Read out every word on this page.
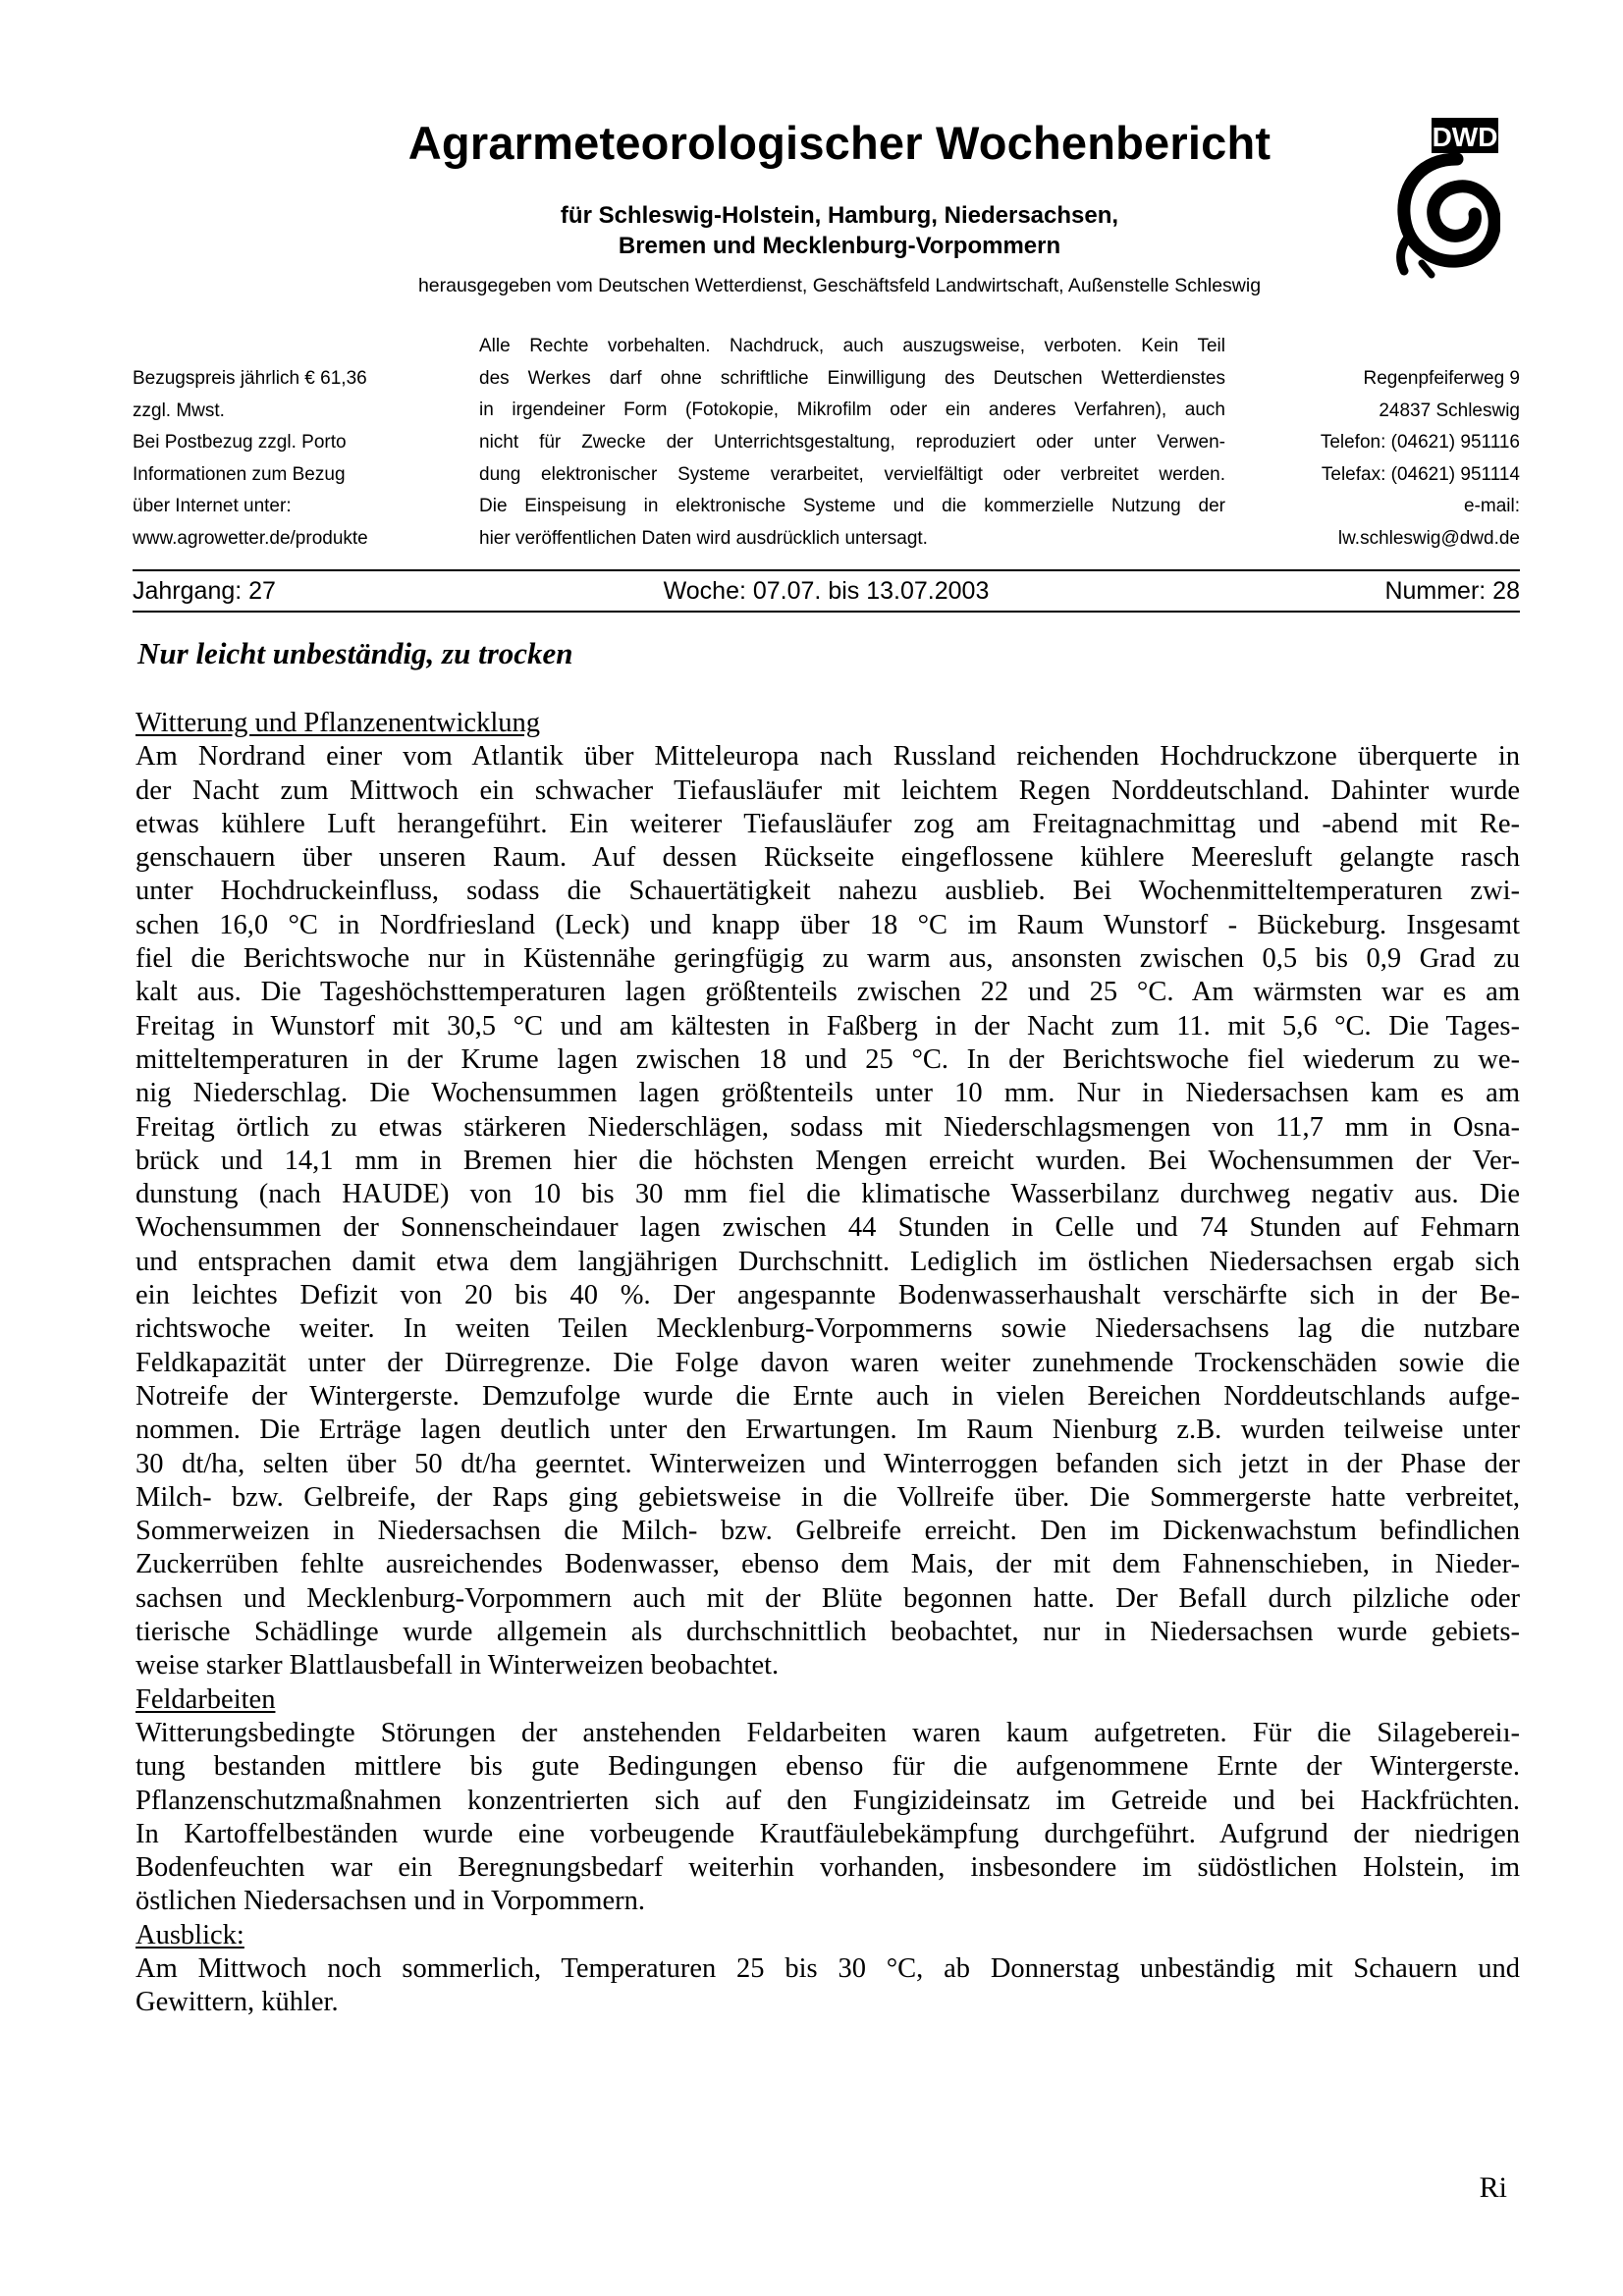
Agrarmeteorologischer Wochenbericht
für Schleswig-Holstein, Hamburg, Niedersachsen,
Bremen und Mecklenburg-Vorpommern
herausgegeben vom Deutschen Wetterdienst, Geschäftsfeld Landwirtschaft, Außenstelle Schleswig
DWD
Bezugspreis jährlich € 61,36
zzgl. Mwst.
Bei Postbezug zzgl. Porto
Informationen zum Bezug
über Internet unter:
www.agrowetter.de/produkte
Alle Rechte vorbehalten. Nachdruck, auch auszugsweise, verboten. Kein Teil
des Werkes darf ohne schriftliche Einwilligung des Deutschen Wetterdienstes
in irgendeiner Form (Fotokopie, Mikrofilm oder ein anderes Verfahren), auch
nicht für Zwecke der Unterrichtsgestaltung, reproduziert oder unter Verwen-
dung elektronischer Systeme verarbeitet, vervielfältigt oder verbreitet werden.
Die Einspeisung in elektronische Systeme und die kommerzielle Nutzung der
hier veröffentlichen Daten wird ausdrücklich untersagt.
Regenpfeiferweg 9
24837 Schleswig
Telefon: (04621) 951116
Telefax: (04621) 951114
e-mail:
lw.schleswig@dwd.de
Woche: 07.07. bis 13.07.2003
Jahrgang: 27	Nummer: 28
Nur leicht unbeständig, zu trocken
Witterung und Pflanzenentwicklung
Am Nordrand einer vom Atlantik über Mitteleuropa nach Russland reichenden Hochdruckzone überquerte in
der Nacht zum Mittwoch ein schwacher Tiefausläufer mit leichtem Regen Norddeutschland. Dahinter wurde
etwas kühlere Luft herangeführt. Ein weiterer Tiefausläufer zog am Freitagnachmittag und -abend mit Re-
genschauern über unseren Raum. Auf dessen Rückseite eingeflossene kühlere Meeresluft gelangte rasch
unter Hochdruckeinfluss, sodass die Schauertätigkeit nahezu ausblieb. Bei Wochenmitteltemperaturen zwi-
schen 16,0 °C in Nordfriesland (Leck) und knapp über 18 °C im Raum Wunstorf - Bückeburg. Insgesamt
fiel die Berichtswoche nur in Küstennähe geringfügig zu warm aus, ansonsten zwischen 0,5 bis 0,9 Grad zu
kalt aus. Die Tageshöchsttemperaturen lagen größtenteils zwischen 22 und 25 °C. Am wärmsten war es am
Freitag in Wunstorf mit 30,5 °C und am kältesten in Faßberg in der Nacht zum 11. mit 5,6 °C. Die Tages-
mitteltemperaturen in der Krume lagen zwischen 18 und 25 °C. In der Berichtswoche fiel wiederum zu we-
nig Niederschlag. Die Wochensummen lagen größtenteils unter 10 mm. Nur in Niedersachsen kam es am
Freitag örtlich zu etwas stärkeren Niederschlägen, sodass mit Niederschlagsmengen von 11,7 mm in Osna-
brück und 14,1 mm in Bremen hier die höchsten Mengen erreicht wurden. Bei Wochensummen der Ver-
dunstung (nach HAUDE) von 10 bis 30 mm fiel die klimatische Wasserbilanz durchweg negativ aus. Die
Wochensummen der Sonnenscheindauer lagen zwischen 44 Stunden in Celle und 74 Stunden auf Fehmarn
und entsprachen damit etwa dem langjährigen Durchschnitt. Lediglich im östlichen Niedersachsen ergab sich
ein leichtes Defizit von 20 bis 40 %. Der angespannte Bodenwasserhaushalt verschärfte sich in der Be-
richtswoche weiter. In weiten Teilen Mecklenburg-Vorpommerns sowie Niedersachsens lag die nutzbare
Feldkapazität unter der Dürregrenze. Die Folge davon waren weiter zunehmende Trockenschäden sowie die
Notreife der Wintergerste. Demzufolge wurde die Ernte auch in vielen Bereichen Norddeutschlands aufge-
nommen. Die Erträge lagen deutlich unter den Erwartungen. Im Raum Nienburg z.B. wurden teilweise unter
30 dt/ha, selten über 50 dt/ha geerntet. Winterweizen und Winterroggen befanden sich jetzt in der Phase der
Milch- bzw. Gelbreife, der Raps ging gebietsweise in die Vollreife über. Die Sommergerste hatte verbreitet,
Sommerweizen in Niedersachsen die Milch- bzw. Gelbreife erreicht. Den im Dickenwachstum befindlichen
Zuckerrüben fehlte ausreichendes Bodenwasser, ebenso dem Mais, der mit dem Fahnenschieben, in Nieder-
sachsen und Mecklenburg-Vorpommern auch mit der Blüte begonnen hatte. Der Befall durch pilzliche oder
tierische Schädlinge wurde allgemein als durchschnittlich beobachtet, nur in Niedersachsen wurde gebiets-
weise starker Blattlausbefall in Winterweizen beobachtet.
Feldarbeiten
Witterungsbedingte Störungen der anstehenden Feldarbeiten waren kaum aufgetreten. Für die Silagebereiı-
tung bestanden mittlere bis gute Bedingungen ebenso für die aufgenommene Ernte der Wintergerste.
Pflanzenschutzmaßnahmen konzentrierten sich auf den Fungizideinsatz im Getreide und bei Hackfrüchten.
In Kartoffelbeständen wurde eine vorbeugende Krautfäulebekämpfung durchgeführt. Aufgrund der niedrigen
Bodenfeuchten war ein Beregnungsbedarf weiterhin vorhanden, insbesondere im südöstlichen Holstein, im
östlichen Niedersachsen und in Vorpommern.
Ausblick:
Am Mittwoch noch sommerlich, Temperaturen 25 bis 30 °C, ab Donnerstag unbeständig mit Schauern und
Gewittern, kühler.
Ri
